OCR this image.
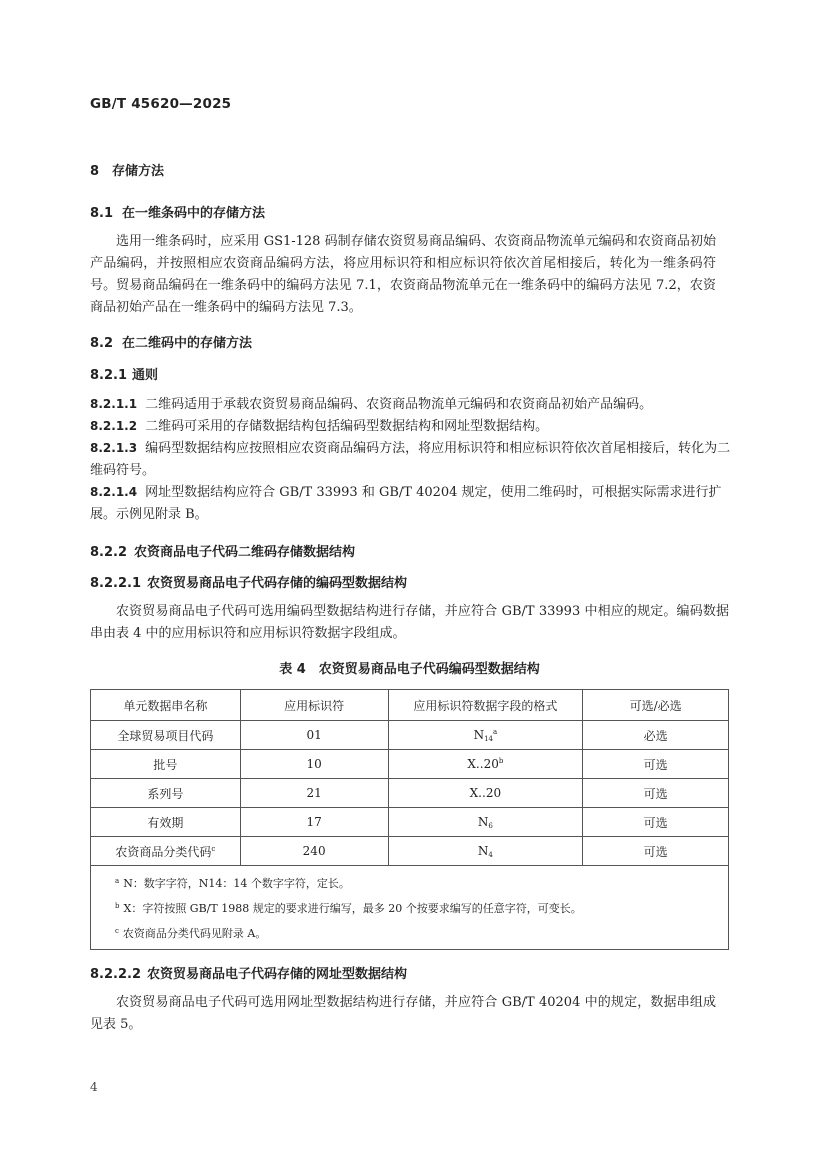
GB/T 45620—2025
8 存储方法
8.1 在一维条码中的存储方法
选用一维条码时，应采用 GS1-128 码制存储农资贸易商品编码、农资商品物流单元编码和农资商品初始产品编码，并按照相应农资商品编码方法，将应用标识符和相应标识符依次首尾相接后，转化为一维条码符号。贸易商品编码在一维条码中的编码方法见 7.1，农资商品物流单元在一维条码中的编码方法见 7.2，农资商品初始产品在一维条码中的编码方法见 7.3。
8.2 在二维码中的存储方法
8.2.1 通则
8.2.1.1 二维码适用于承载农资贸易商品编码、农资商品物流单元编码和农资商品初始产品编码。
8.2.1.2 二维码可采用的存储数据结构包括编码型数据结构和网址型数据结构。
8.2.1.3 编码型数据结构应按照相应农资商品编码方法，将应用标识符和相应标识符依次首尾相接后，转化为二维码符号。
8.2.1.4 网址型数据结构应符合 GB/T 33993 和 GB/T 40204 规定，使用二维码时，可根据实际需求进行扩展。示例见附录 B。
8.2.2 农资商品电子代码二维码存储数据结构
8.2.2.1 农资贸易商品电子代码存储的编码型数据结构
农资贸易商品电子代码可选用编码型数据结构进行存储，并应符合 GB/T 33993 中相应的规定。编码数据串由表 4 中的应用标识符和应用标识符数据字段组成。
表 4　农资贸易商品电子代码编码型数据结构
单元数据串名称	应用标识符	应用标识符数据字段的格式	可选/必选
全球贸易项目代码	01	$N_{14}^a$	必选
批号	10	X..20$^b$	可选
系列号	21	X..20	可选
有效期	17	$N_6$	可选
农资商品分类代码$^c$	240	$N_4$	可选

$^a$ N：数字字符，N14：14 个数字字符，定长。
$^b$ X：字符按照 GB/T 1988 规定的要求进行编写，最多 20 个按要求编写的任意字符，可变长。
$^c$ 农资商品分类代码见附录 A。			
8.2.2.2 农资贸易商品电子代码存储的网址型数据结构
农资贸易商品电子代码可选用网址型数据结构进行存储，并应符合 GB/T 40204 中的规定，数据串组成见表 5。
4
